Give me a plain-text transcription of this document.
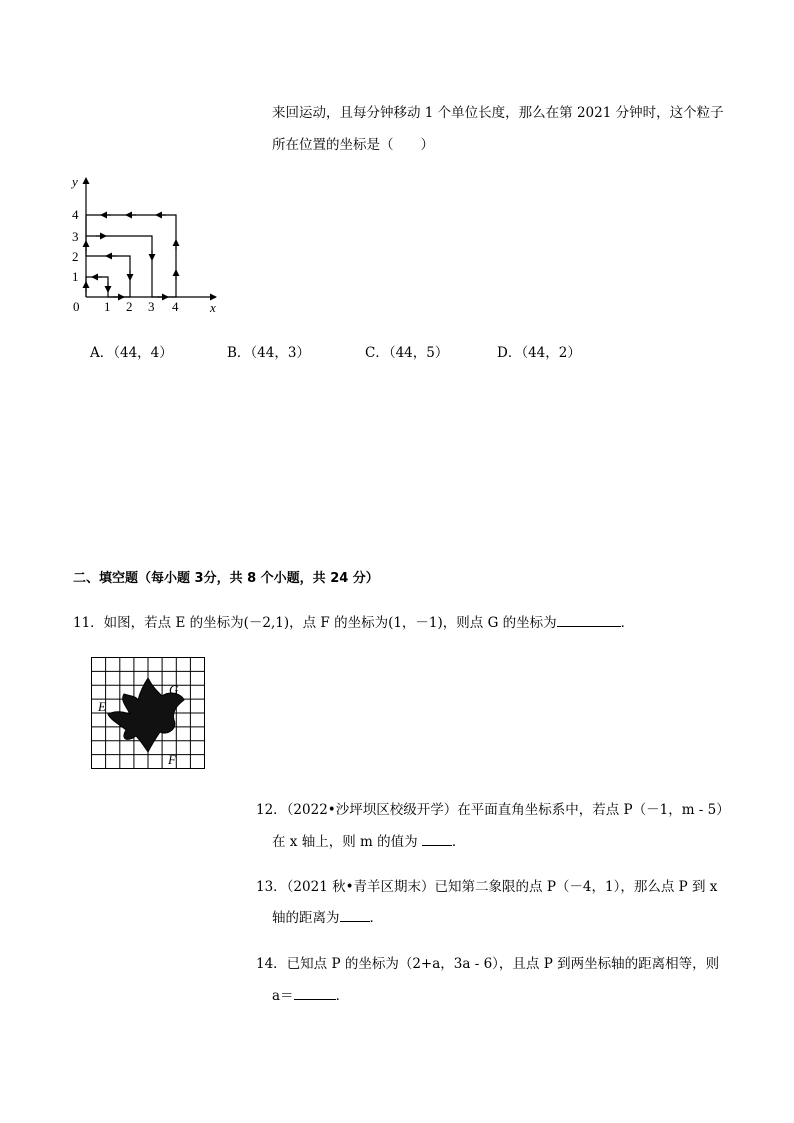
来回运动，且每分钟移动 1 个单位长度，那么在第 2021 分钟时，这个粒子
所在位置的坐标是（　　）
y
x
0 1 2 3 4
1
2
3
4
A．（44，4）	B．（44，3）	C．（44，5）	D．（44，2）
二、填空题（每小题 3分，共 8 个小题，共 24 分）
11．如图，若点 E 的坐标为(－2,1)，点 F 的坐标为(1，－1)，则点 G 的坐标为	．
E
G
F
12．（2022•沙坪坝区校级开学）在平面直角坐标系中，若点 P（－1，m - 5）
在 x 轴上，则 m 的值为 ．
13．（2021 秋•青羊区期末）已知第二象限的点 P（－4，1），那么点 P 到 x
轴的距离为 ．
14．已知点 P 的坐标为（2+a，3a - 6），且点 P 到两坐标轴的距离相等，则
a＝	．
